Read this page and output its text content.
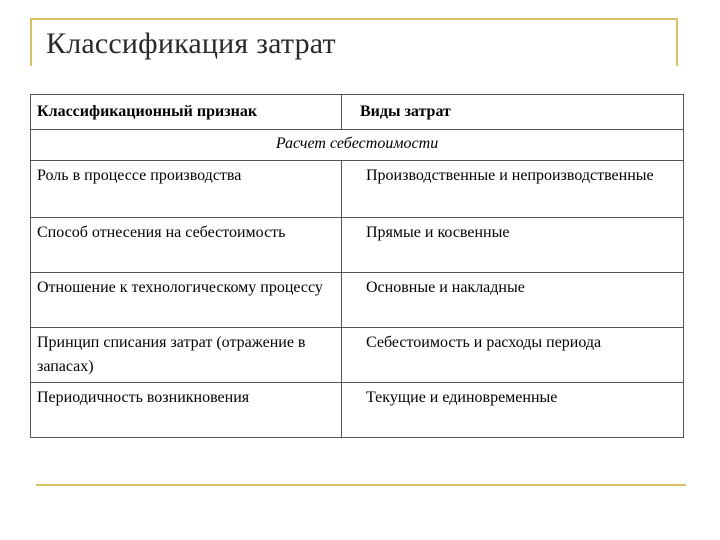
Классификация затрат
Классификационный признак	Виды затрат
Расчет себестоимости	
Роль в процессе производства	Производственные и непроизводственные
Способ отнесения на себестоимость	Прямые и косвенные
Отношение к технологическому процессу	Основные и накладные
Принцип списания затрат (отражение в запасах)	Себестоимость и расходы периода
Периодичность возникновения	Текущие и единовременные
